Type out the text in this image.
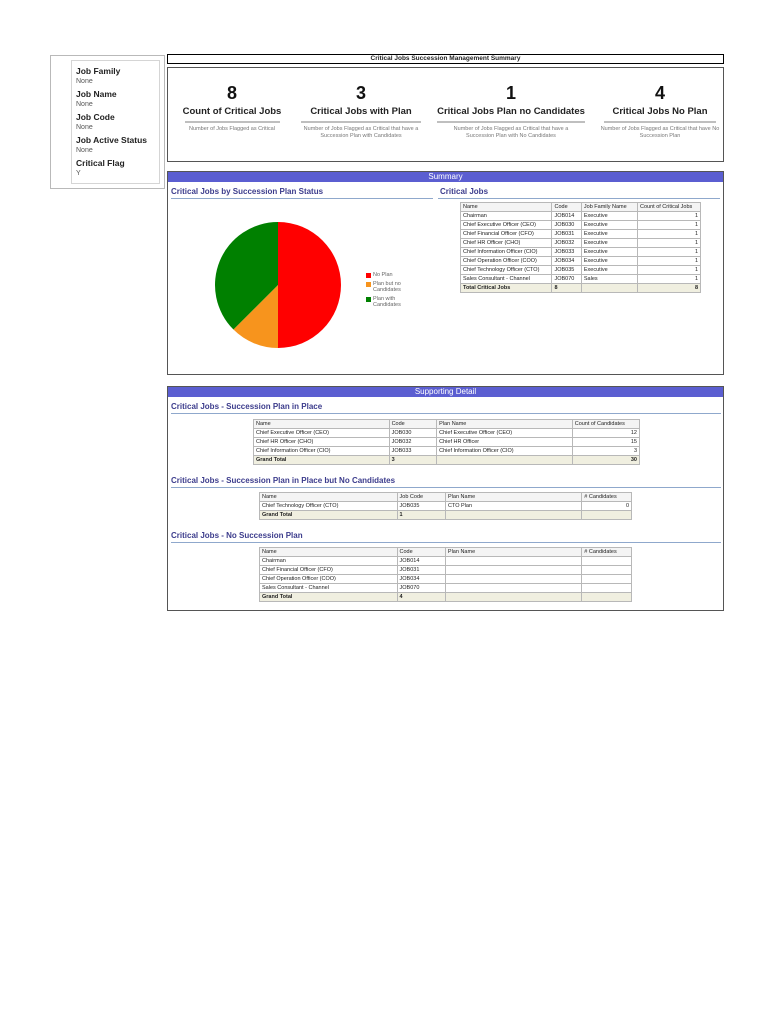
Job Family
None
Job Name
None
Job Code
None
Job Active Status
None
Critical Flag
Y
Critical Jobs Succession Management Summary
8
Count of Critical Jobs
Number of Jobs Flagged as Critical
3
Critical Jobs with Plan
Number of Jobs Flagged as Critical that have a Succession Plan with Candidates
1
Critical Jobs Plan no Candidates
Number of Jobs Flagged as Critical that have a Succession Plan with No Candidates
4
Critical Jobs No Plan
Number of Jobs Flagged as Critical that have No Succession Plan
Summary
Critical Jobs by Succession Plan Status	Critical Jobs
No Plan
Plan but no Candidates
Plan with Candidates
Name	Code	Job Family Name	Count of Critical Jobs
Chairman	JOB014	Executive	1
Chief Executive Officer (CEO)	JOB030	Executive	1
Chief Financial Officer (CFO)	JOB031	Executive	1
Chief HR Officer (CHO)	JOB032	Executive	1
Chief Information Officer (CIO)	JOB033	Executive	1
Chief Operation Officer (COO)	JOB034	Executive	1
Chief Technology Officer (CTO)	JOB035	Executive	1
Sales Consultant - Channel	JOB070	Sales	1
Total Critical Jobs	8		8
Supporting Detail
Critical Jobs - Succession Plan in Place
Critical Jobs - Succession Plan in Place but No Candidates
Critical Jobs - No Succession Plan
Name	Code	Plan Name	Count of Candidates
Chief Executive Officer (CEO)	JOB030	Chief Executive Officer (CEO)	12
Chief HR Officer (CHO)	JOB032	Chief HR Officer	15
Chief Information Officer (CIO)	JOB033	Chief Information Officer (CIO)	3
Grand Total	3		30
Name	Job Code	Plan Name	# Candidates
Chief Technology Officer (CTO)	JOB035	CTO Plan	0
Grand Total	1		
Name	Code	Plan Name	# Candidates
Chairman	JOB014		
Chief Financial Officer (CFO)	JOB031		
Chief Operation Officer (COO)	JOB034		
Sales Consultant - Channel	JOB070		
Grand Total	4		
